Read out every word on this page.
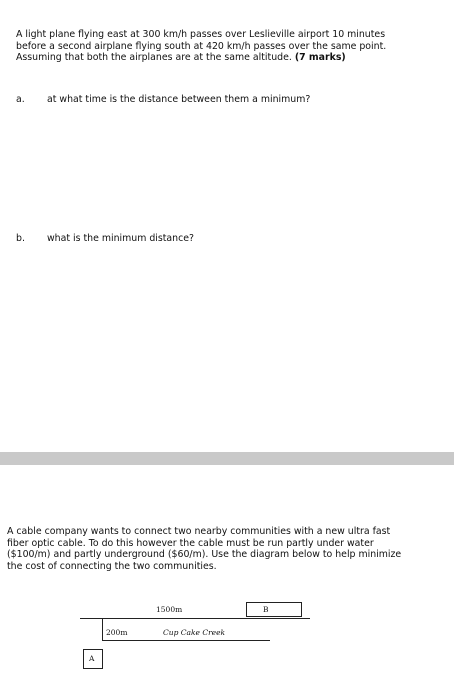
A light plane flying east at 300 km/h passes over Leslieville airport 10 minutes before a second airplane flying south at 420 km/h passes over the same point. Assuming that both the airplanes are at the same altitude. (7 marks)

a. at what time is the distance between them a minimum?
b. what is the minimum distance?

A cable company wants to connect two nearby communities with a new ultra fast fiber optic cable. To do this however the cable must be run partly under water ($100/m) and partly underground ($60/m). Use the diagram below to help minimize the cost of connecting the two communities.

1500m	B
200m	Cup Cake Creek
A
